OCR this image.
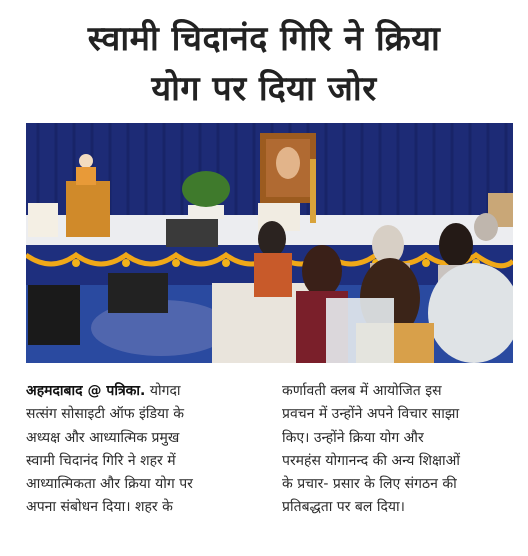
स्वामी चिदानंद गिरि ने क्रिया
योग पर दिया जोर
अहमदाबाद @ पत्रिका. योगदा
सत्संग सोसाइटी ऑफ इंडिया के
अध्यक्ष और आध्यात्मिक प्रमुख
स्वामी चिदानंद गिरि ने शहर में
आध्यात्मिकता और क्रिया योग पर
अपना संबोधन दिया। शहर के
कर्णावती क्लब में आयोजित इस
प्रवचन में उन्होंने अपने विचार साझा
किए। उन्होंने क्रिया योग और
परमहंस योगानन्द की अन्य शिक्षाओं
के प्रचार- प्रसार के लिए संगठन की
प्रतिबद्धता पर बल दिया।
